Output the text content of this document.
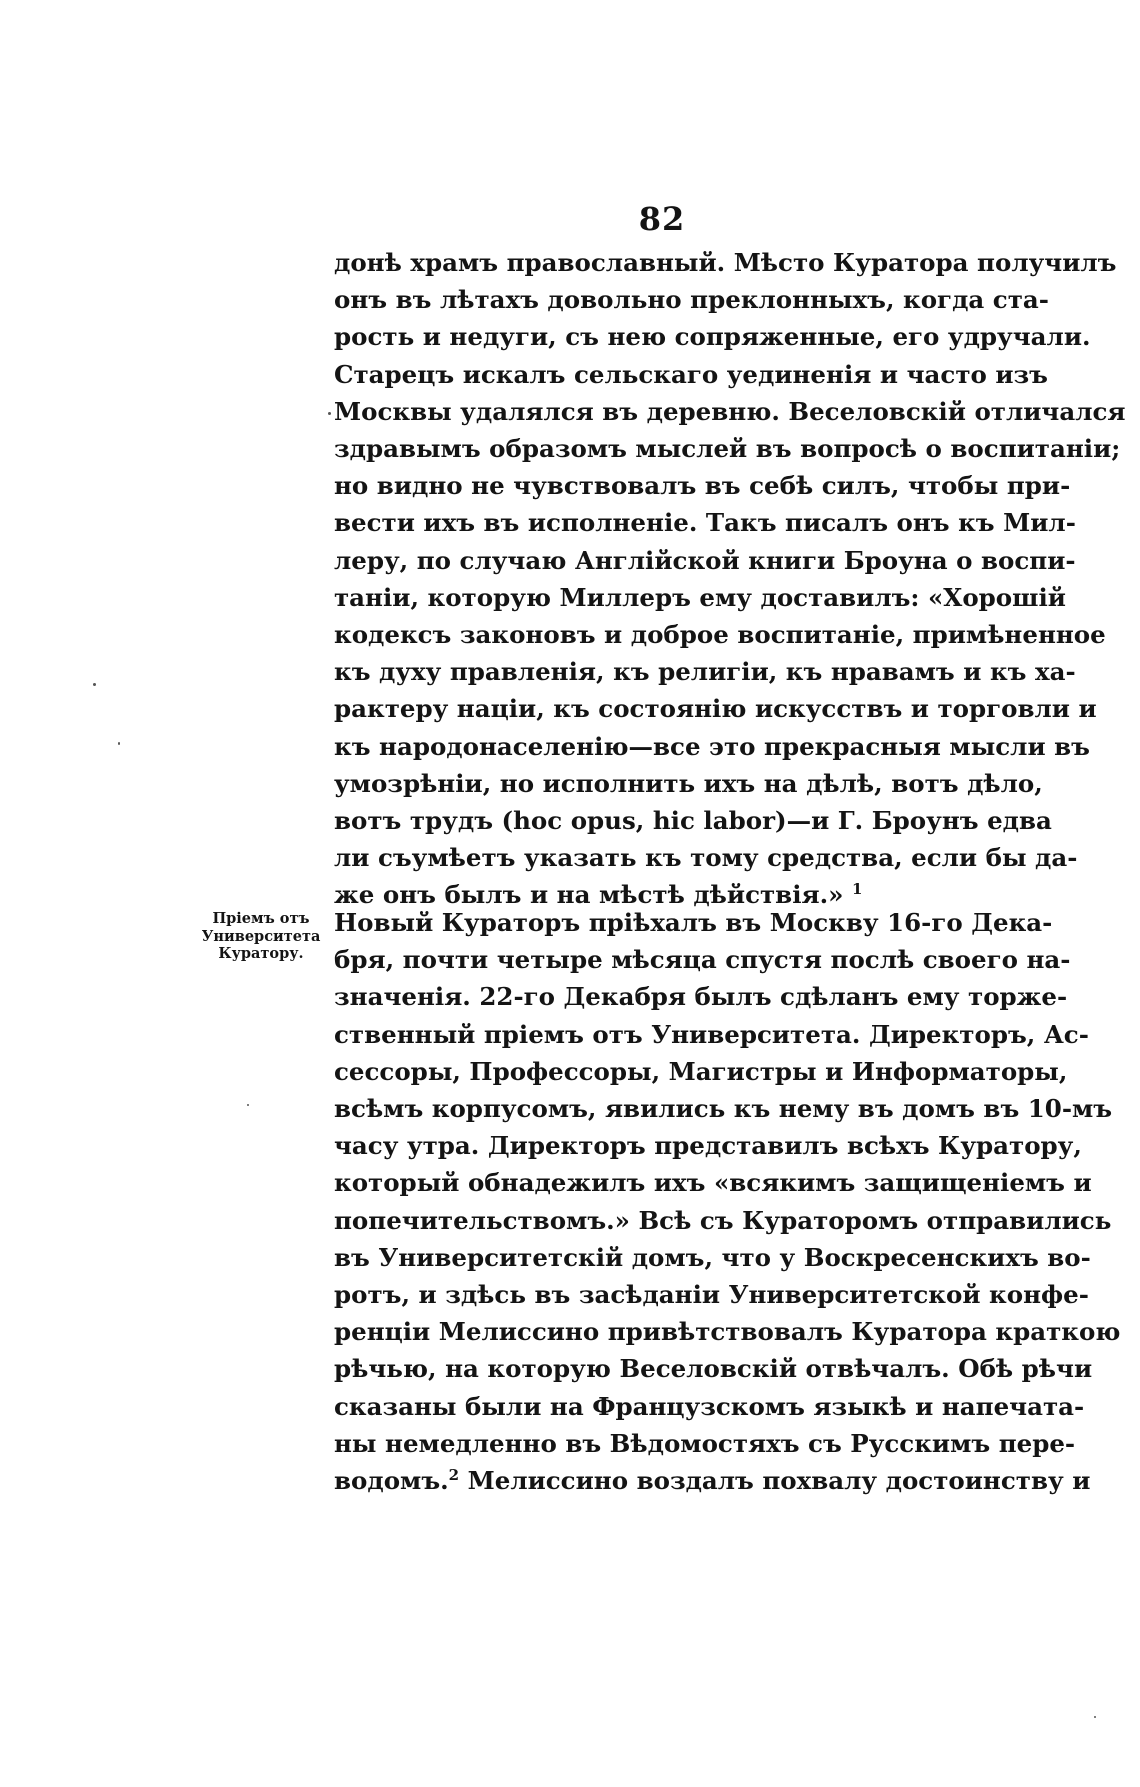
82
донѣ храмъ православный. Мѣсто Куратора получилъ
онъ въ лѣтахъ довольно преклонныхъ, когда ста-
рость и недуги, съ нею сопряженные, его удручали.
Старецъ искалъ сельскаго уединенія и часто изъ
Москвы удалялся въ деревню. Веселовскій отличался
здравымъ образомъ мыслей въ вопросѣ о воспитаніи;
но видно не чувствовалъ въ себѣ силъ, чтобы при-
вести ихъ въ исполненіе. Такъ писалъ онъ къ Мил-
леру, по случаю Англійской книги Броуна о воспи-
таніи, которую Миллеръ ему доставилъ: «Хорошій
кодексъ законовъ и доброе воспитаніе, примѣненное
къ духу правленія, къ религіи, къ нравамъ и къ ха-
рактеру націи, къ состоянію искусствъ и торговли и
къ народонаселенію—все это прекрасныя мысли въ
умозрѣніи, но исполнить ихъ на дѣлѣ, вотъ дѣло,
вотъ трудъ (hoc opus, hic labor)—и Г. Броунъ едва
ли съумѣетъ указать къ тому средства, если бы да-
же онъ былъ и на мѣстѣ дѣйствія.» $^1$
Пріемъ отъ
Университета
Куратору.
Новый Кураторъ пріѣхалъ въ Москву 16-го Дека-
бря, почти четыре мѣсяца спустя послѣ своего на-
значенія. 22-го Декабря былъ сдѣланъ ему торже-
ственный пріемъ отъ Университета. Директоръ, Ас-
сессоры, Профессоры, Магистры и Информаторы,
всѣмъ корпусомъ, явились къ нему въ домъ въ 10-мъ
часу утра. Директоръ представилъ всѣхъ Куратору,
который обнадежилъ ихъ «всякимъ защищеніемъ и
попечительствомъ.» Всѣ съ Кураторомъ отправились
въ Университетскій домъ, что у Воскресенскихъ во-
ротъ, и здѣсь въ засѣданіи Университетской конфе-
ренціи Мелиссино привѣтствовалъ Куратора краткою
рѣчью, на которую Веселовскій отвѣчалъ. Обѣ рѣчи
сказаны были на Французскомъ языкѣ и напечата-
ны немедленно въ Вѣдомостяхъ съ Русскимъ пере-
водомъ.$^2$ Мелиссино воздалъ похвалу достоинству и
